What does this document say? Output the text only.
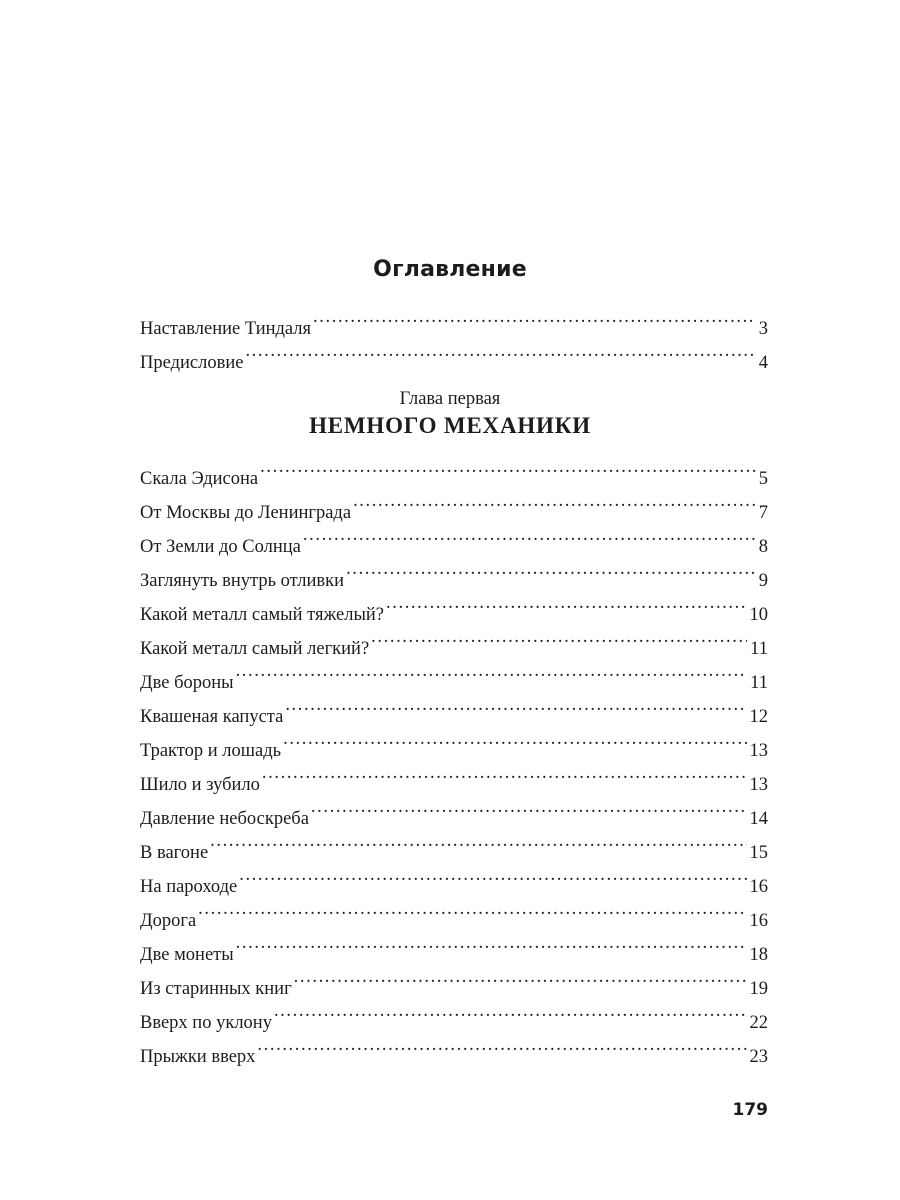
Оглавление
Наставление Тиндаля .....	3
Предисловие .....	4
Глава первая
НЕМНОГО МЕХАНИКИ
Скала Эдисона .....	5
От Москвы до Ленинграда .....	7
От Земли до Солнца .....	8
Заглянуть внутрь отливки .....	9
Какой металл самый тяжелый? .....	10
Какой металл самый легкий? .....	11
Две бороны .....	11
Квашеная капуста .....	12
Трактор и лошадь .....	13
Шило и зубило .....	13
Давление небоскреба .....	14
В вагоне .....	15
На пароходе .....	16
Дорога .....	16
Две монеты .....	18
Из старинных книг .....	19
Вверх по уклону .....	22
Прыжки вверх .....	23
179
